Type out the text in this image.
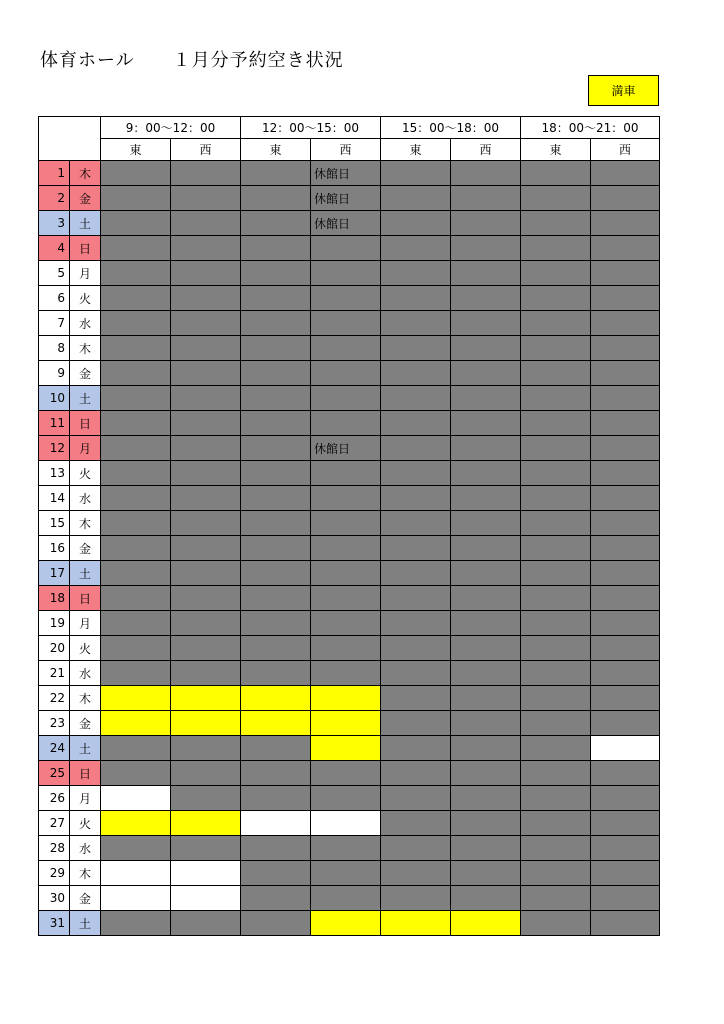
体育ホール　　１月分予約空き状況
満車
		9：00〜12：00		12：00〜15：00		15：00〜18：00		18：00〜21：00	
		東	西	東	西	東	西	東	西
1	木				休館日				
2	金				休館日				
3	土				休館日				
4	日								
5	月								
6	火								
7	水								
8	木								
9	金								
10	土								
11	日								
12	月				休館日				
13	火								
14	水								
15	木								
16	金								
17	土								
18	日								
19	月								
20	火								
21	水								
22	木								
23	金								
24	土								
25	日								
26	月								
27	火								
28	水								
29	木								
30	金								
31	土								
